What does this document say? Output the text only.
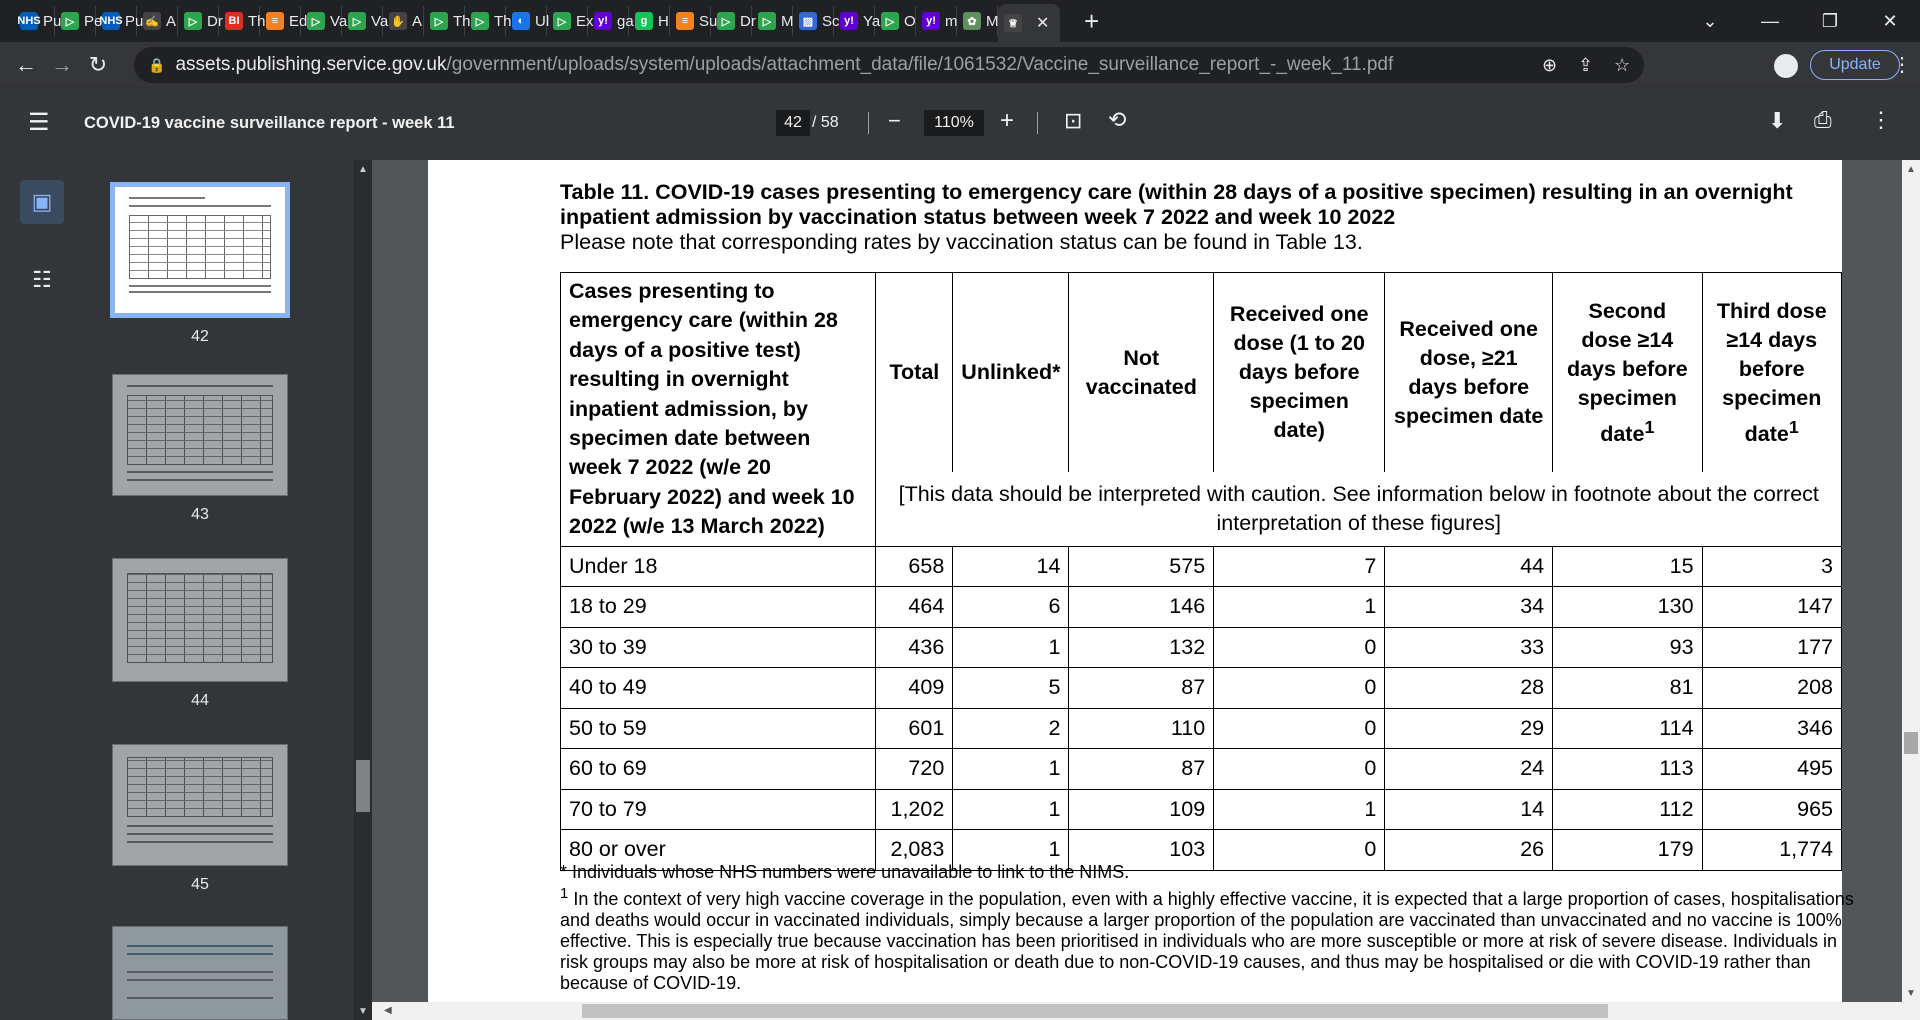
NHS Pu ▷ Pe
NHS Pu ✍ A	▷ Dr BI Th ≡ Ed ▷ Va ▷ Va ✋ A	▷ Th ▷ Th ◐ Ul ▷ Ex y! ga g H	≡ Su ▷ Dr ▷ M ▨ Sc y! Ya ▷ O y! m ✿ M ♕ ✕ +	⌄	—	❐	✕
← → ↻	🔒 assets.publishing.service.gov.uk /government/uploads/system/uploads/attachment_data/file/1061532/Vaccine_surveillance_report_-_week_11.pdf	⊕ ⇪ ☆	Update ⋮
☰ COVID-19 vaccine surveillance report - week 11	/ 58 −	+ ⊡ ⟲	⬇ ⎙ ⋮
42	110%
▣
☷
42
43
44
45
▲
▼
Table 11. COVID-19 cases presenting to emergency care (within 28 days of a positive specimen) resulting in an overnight inpatient admission by vaccination status between week 7 2022 and week 10 2022
Please note that corresponding rates by vaccination status can be found in Table 13.
Cases presenting to emergency care (within 28 days of a positive test) resulting in overnight inpatient admission, by specimen date between week 7 2022 (w/e 20 February 2022) and week 10 2022 (w/e 13 March 2022)	Total	Unlinked*	Not vaccinated	Received one dose (1 to 20 days before specimen date)	Received one dose, ≥21 days before specimen date	Second dose ≥14 days before specimen date$^1$	Third dose ≥14 days before specimen date$^1$
	[This data should be interpreted with caution. See information below in footnote about the correct interpretation of these figures]						
Under 18	658	14	575	7	44	15	3
18 to 29	464	6	146	1	34	130	147
30 to 39	436	1	132	0	33	93	177
40 to 49	409	5	87	0	28	81	208
50 to 59	601	2	110	0	29	114	346
60 to 69	720	1	87	0	24	113	495
70 to 79	1,202	1	109	1	14	112	965
80 or over	2,083	1	103	0	26	179	1,774
* Individuals whose NHS numbers were unavailable to link to the NIMS.
$^1$ In the context of very high vaccine coverage in the population, even with a highly effective vaccine, it is expected that a large proportion of cases, hospitalisations and deaths would occur in vaccinated individuals, simply because a larger proportion of the population are vaccinated than unvaccinated and no vaccine is 100% effective. This is especially true because vaccination has been prioritised in individuals who are more susceptible or more at risk of severe disease. Individuals in risk groups may also be more at risk of hospitalisation or death due to non-COVID-19 causes, and thus may be hospitalised or die with COVID-19 rather than because of COVID-19.
▲
▼
◀
